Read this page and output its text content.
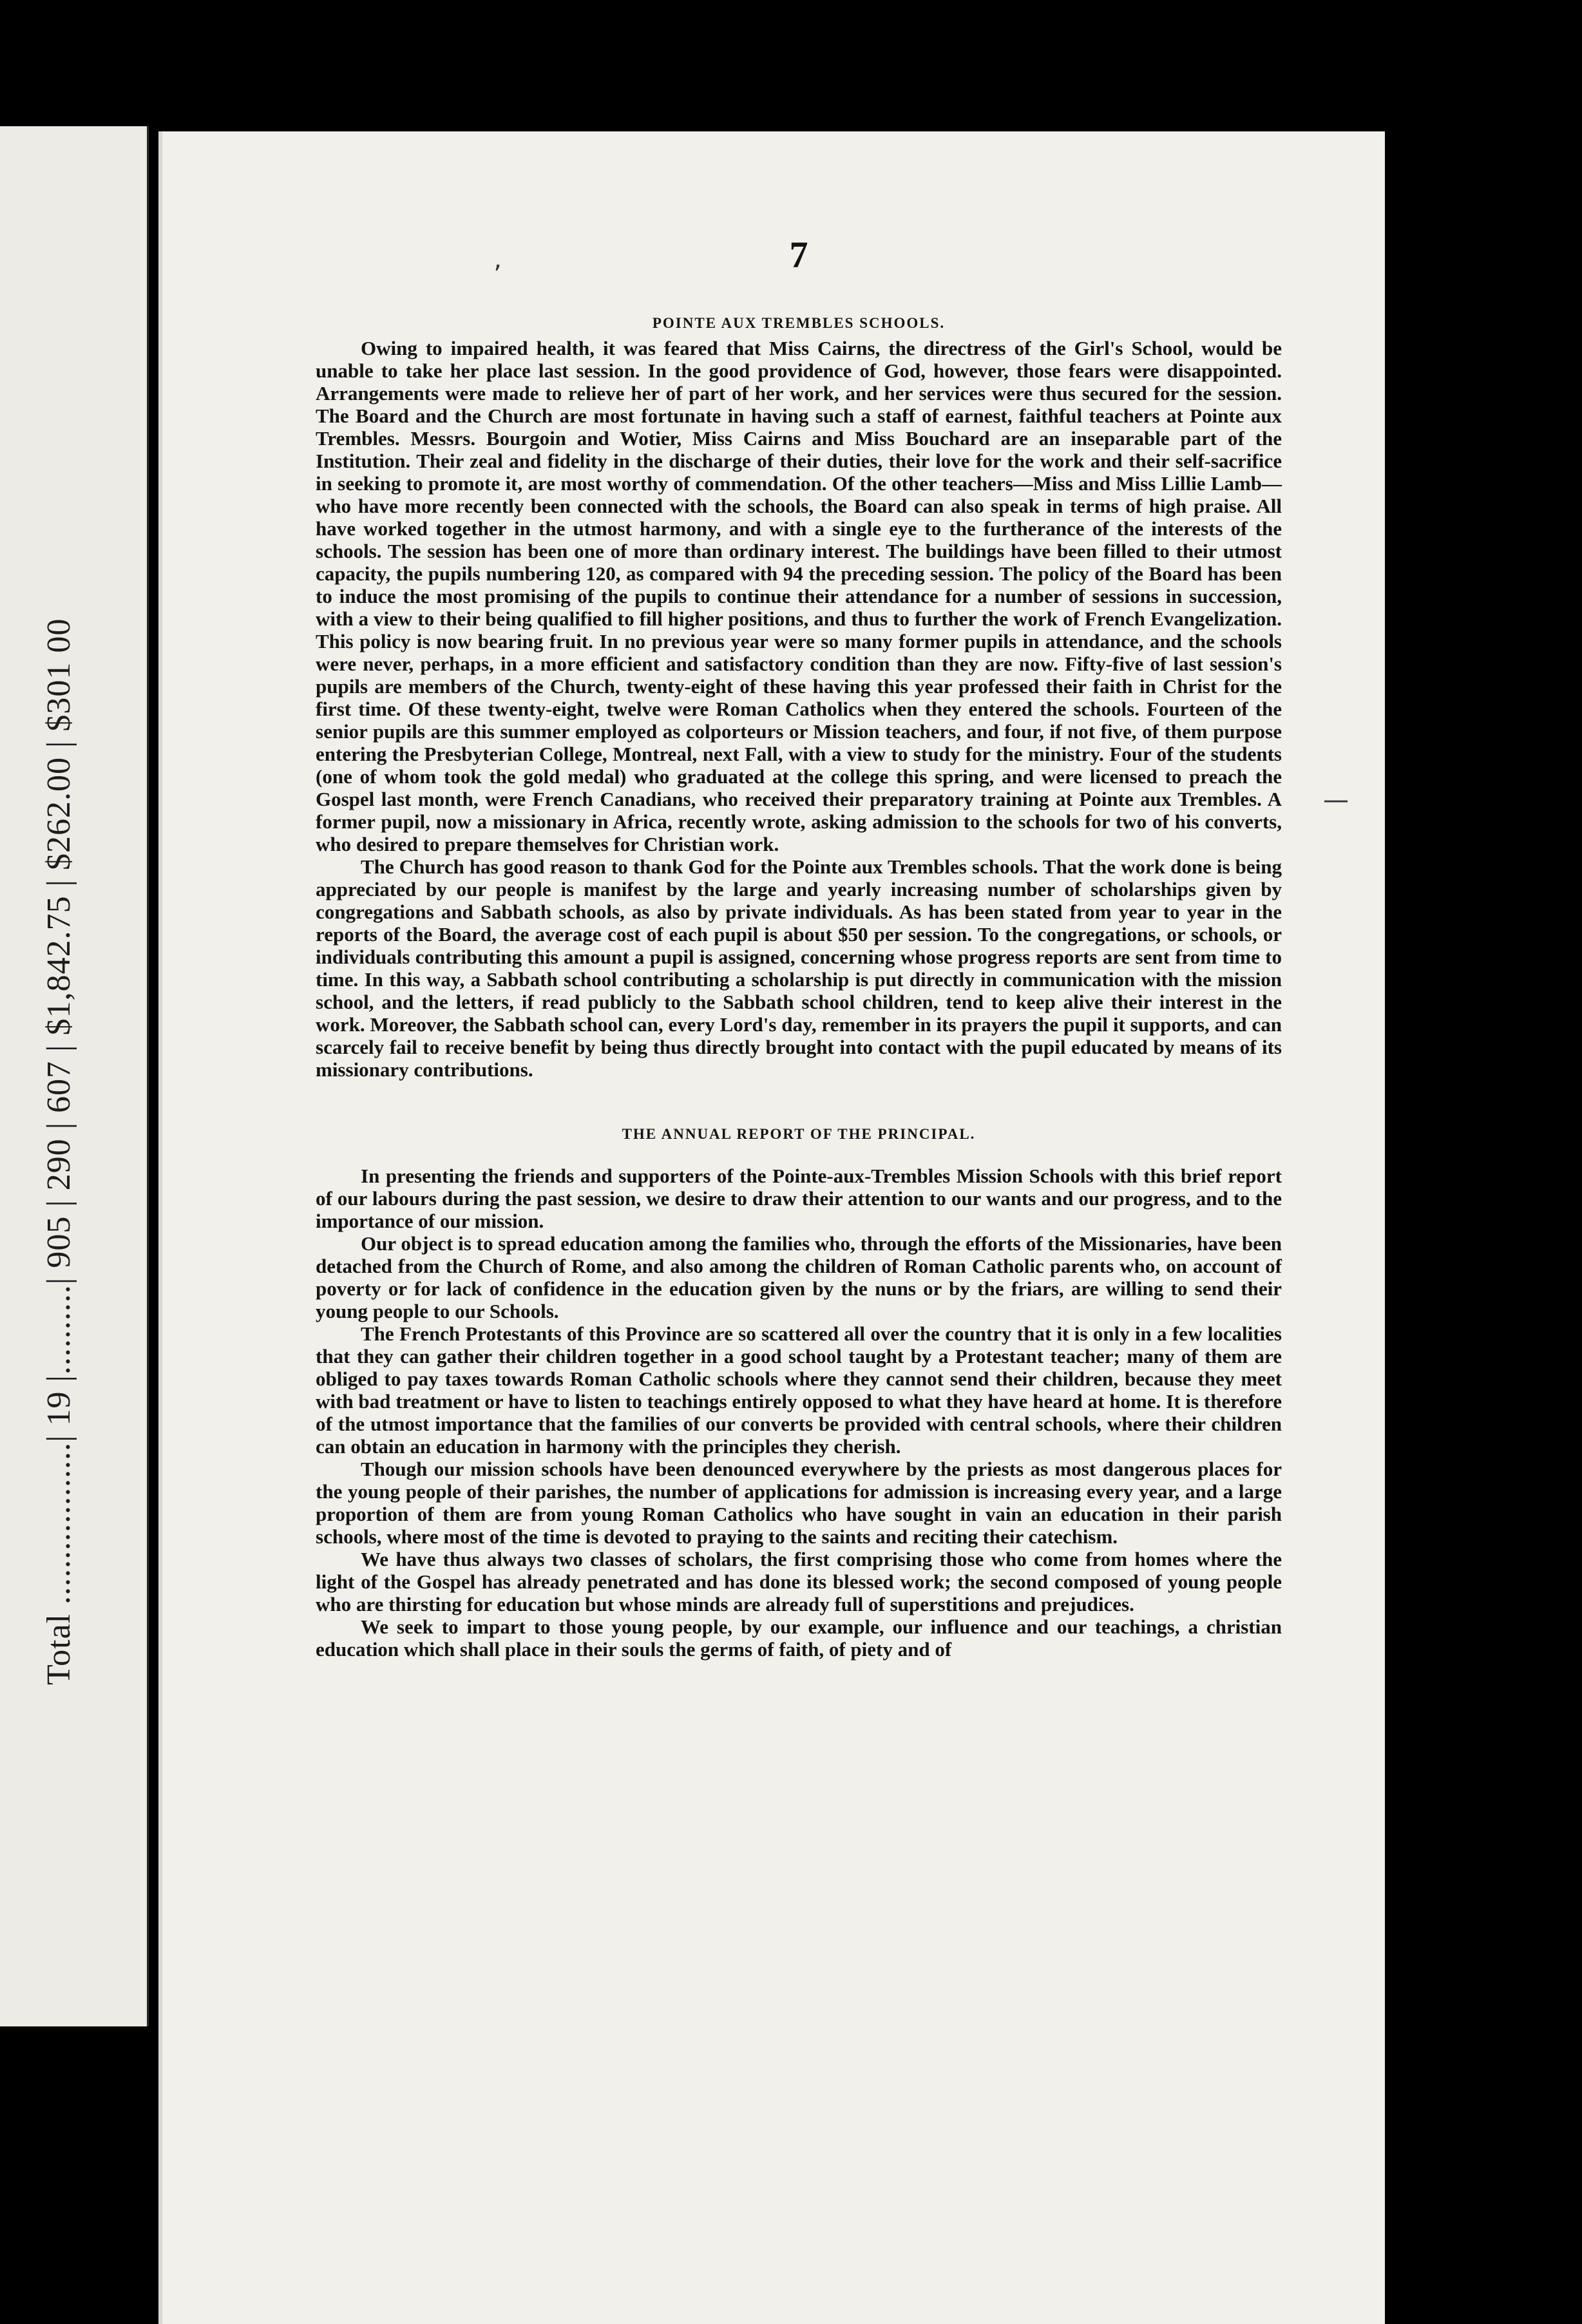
Total ..................| 19 |..........| 905 | 290 | 607 | $1,842.75 | $262.00 | $301 00
ʼ
—
7
POINTE AUX TREMBLES SCHOOLS.

Owing to impaired health, it was feared that Miss Cairns, the directress of the Girl's School, would be unable to take her place last session. In the good providence of God, however, those fears were disappointed. Arrangements were made to relieve her of part of her work, and her services were thus secured for the session. The Board and the Church are most fortunate in having such a staff of earnest, faithful teachers at Pointe aux Trembles. Messrs. Bourgoin and Wotier, Miss Cairns and Miss Bouchard are an inseparable part of the Institution. Their zeal and fidelity in the discharge of their duties, their love for the work and their self-sacrifice in seeking to promote it, are most worthy of commendation. Of the other teachers—Miss and Miss Lillie Lamb—who have more recently been connected with the schools, the Board can also speak in terms of high praise. All have worked together in the utmost harmony, and with a single eye to the furtherance of the interests of the schools. The session has been one of more than ordinary interest. The buildings have been filled to their utmost capacity, the pupils numbering 120, as compared with 94 the preceding session. The policy of the Board has been to induce the most promising of the pupils to continue their attendance for a number of sessions in succession, with a view to their being qualified to fill higher positions, and thus to further the work of French Evangelization. This policy is now bearing fruit. In no previous year were so many former pupils in attendance, and the schools were never, perhaps, in a more efficient and satisfactory condition than they are now. Fifty-five of last session's pupils are members of the Church, twenty-eight of these having this year professed their faith in Christ for the first time. Of these twenty-eight, twelve were Roman Catholics when they entered the schools. Fourteen of the senior pupils are this summer employed as colporteurs or Mission teachers, and four, if not five, of them purpose entering the Presbyterian College, Montreal, next Fall, with a view to study for the ministry. Four of the students (one of whom took the gold medal) who graduated at the college this spring, and were licensed to preach the Gospel last month, were French Canadians, who received their preparatory training at Pointe aux Trembles. A former pupil, now a missionary in Africa, recently wrote, asking admission to the schools for two of his converts, who desired to prepare themselves for Christian work.

The Church has good reason to thank God for the Pointe aux Trembles schools. That the work done is being appreciated by our people is manifest by the large and yearly increasing number of scholarships given by congregations and Sabbath schools, as also by private individuals. As has been stated from year to year in the reports of the Board, the average cost of each pupil is about $50 per session. To the congregations, or schools, or individuals contributing this amount a pupil is assigned, concerning whose progress reports are sent from time to time. In this way, a Sabbath school contributing a scholarship is put directly in communication with the mission school, and the letters, if read publicly to the Sabbath school children, tend to keep alive their interest in the work. Moreover, the Sabbath school can, every Lord's day, remember in its prayers the pupil it supports, and can scarcely fail to receive benefit by being thus directly brought into contact with the pupil educated by means of its missionary contributions.

THE ANNUAL REPORT OF THE PRINCIPAL.

In presenting the friends and supporters of the Pointe-aux-Trembles Mission Schools with this brief report of our labours during the past session, we desire to draw their attention to our wants and our progress, and to the importance of our mission.

Our object is to spread education among the families who, through the efforts of the Missionaries, have been detached from the Church of Rome, and also among the children of Roman Catholic parents who, on account of poverty or for lack of confidence in the education given by the nuns or by the friars, are willing to send their young people to our Schools.

The French Protestants of this Province are so scattered all over the country that it is only in a few localities that they can gather their children together in a good school taught by a Protestant teacher; many of them are obliged to pay taxes towards Roman Catholic schools where they cannot send their children, because they meet with bad treatment or have to listen to teachings entirely opposed to what they have heard at home. It is therefore of the utmost importance that the families of our converts be provided with central schools, where their children can obtain an education in harmony with the principles they cherish.

Though our mission schools have been denounced everywhere by the priests as most dangerous places for the young people of their parishes, the number of applications for admission is increasing every year, and a large proportion of them are from young Roman Catholics who have sought in vain an education in their parish schools, where most of the time is devoted to praying to the saints and reciting their catechism.

We have thus always two classes of scholars, the first comprising those who come from homes where the light of the Gospel has already penetrated and has done its blessed work; the second composed of young people who are thirsting for education but whose minds are already full of superstitions and prejudices.

We seek to impart to those young people, by our example, our influence and our teachings, a christian education which shall place in their souls the germs of faith, of piety and of
